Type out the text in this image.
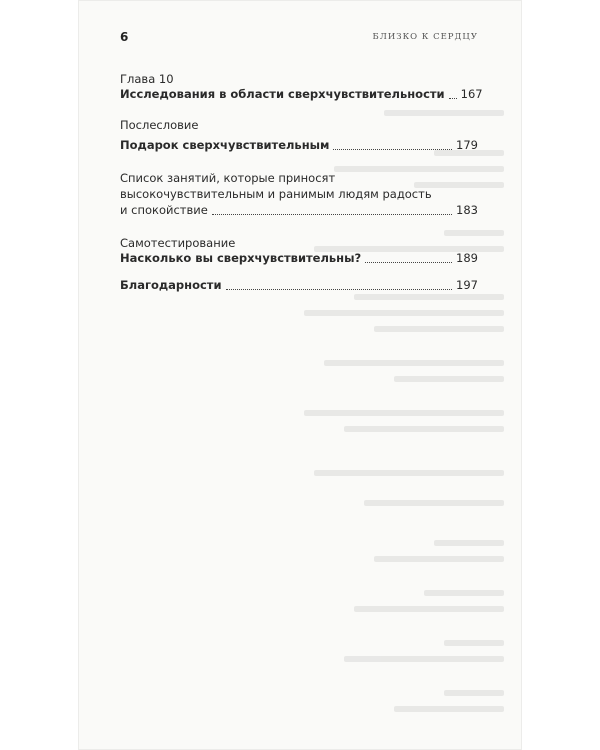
6	БЛИЗКО К СЕРДЦУ

Глава 10

Исследования в области сверхчувствительности 167

Послесловие

Подарок сверхчувствительным	179
Список занятий, которые приносят
высокочувствительным и ранимым людям радость
и спокойствие	183

Самотестирование

Насколько вы сверхчувствительны?	189
Благодарности	197
